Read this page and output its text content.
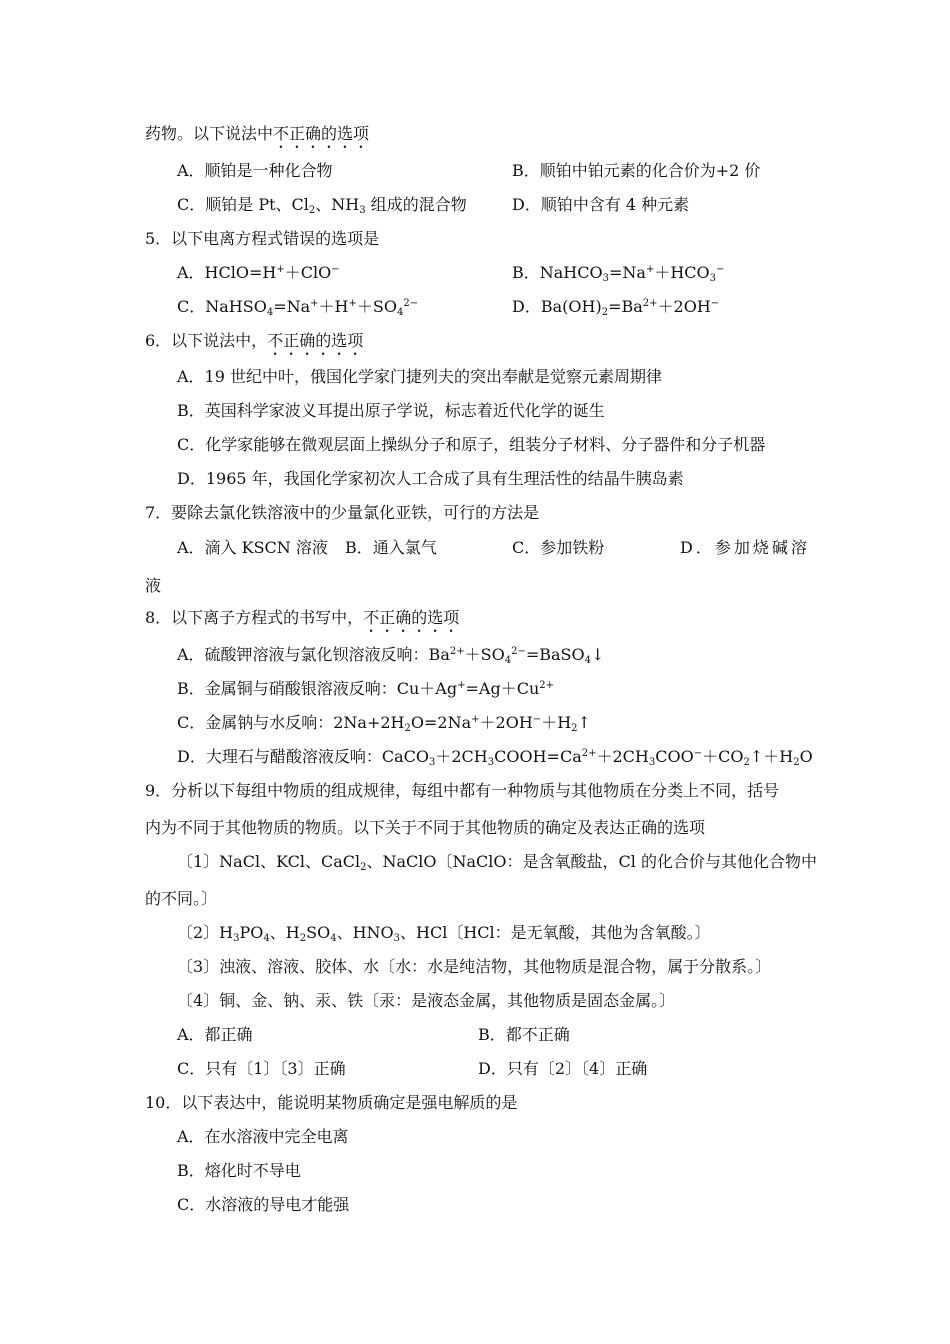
药物。以下说法中不正确的选项
A．顺铂是一种化合物	B．顺铂中铂元素的化合价为+2 价
C．顺铂是 Pt、$Cl_2$、$NH_3$ 组成的混合物	D．顺铂中含有 4 种元素
5．以下电离方程式错误的选项是
A．HClO=H+＋ClO−	B．$NaHCO_3=Na^++HCO_3^-$
C．$NaHSO_4=Na^++H^++SO_4^{2-}$	D．$Ba(OH)_2=Ba^{2+}+2OH^-$
6．以下说法中，不正确的选项
A．19 世纪中叶，俄国化学家门捷列夫的突出奉献是觉察元素周期律
B．英国科学家波义耳提出原子学说，标志着近代化学的诞生
C．化学家能够在微观层面上操纵分子和原子，组装分子材料、分子器件和分子机器
D．1965 年，我国化学家初次人工合成了具有生理活性的结晶牛胰岛素
7．要除去氯化铁溶液中的少量氯化亚铁，可行的方法是
A．滴入 KSCN 溶液 B．通入氯气	C．参加铁粉	D．参加烧碱溶
液
8．以下离子方程式的书写中，不正确的选项
A．硫酸钾溶液与氯化钡溶液反响：$Ba^{2+}+SO_4^{2-}=BaSO_4↓$
B．金属铜与硝酸银溶液反响：$Cu+Ag^+=Ag+Cu^{2+}$
C．金属钠与水反响：$2Na+2H_2O=2Na^++2OH^-+H_2↑$
D．大理石与醋酸溶液反响：$CaCO_3+2CH_3COOH=Ca^{2+}+2CH_3COO^-+CO_2↑+H_2O$
9．分析以下每组中物质的组成规律，每组中都有一种物质与其他物质在分类上不同，括号
内为不同于其他物质的物质。以下关于不同于其他物质的确定及表达正确的选项
〔1〕NaCl、KCl、CaCl$_2$、NaClO〔NaClO：是含氧酸盐，Cl 的化合价与其他化合物中
的不同。〕
〔2〕$H_3PO_4$、$H_2SO_4$、$HNO_3$、HCl〔HCl：是无氧酸，其他为含氧酸。〕
〔3〕浊液、溶液、胶体、水〔水：水是纯洁物，其他物质是混合物，属于分散系。〕
〔4〕铜、金、钠、汞、铁〔汞：是液态金属，其他物质是固态金属。〕
A．都正确	B．都不正确
C．只有〔1〕〔3〕正确	D．只有〔2〕〔4〕正确
10．以下表达中，能说明某物质确定是强电解质的是
A．在水溶液中完全电离
B．熔化时不导电
C．水溶液的导电才能强
